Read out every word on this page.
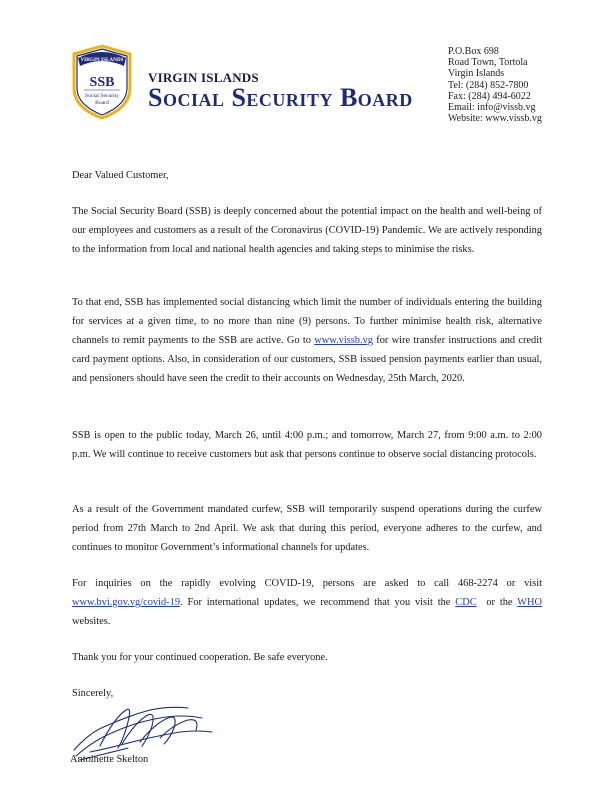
VIRGIN ISLANDS
SSB
Social Security
Board
VIRGIN ISLANDS
Social Security Board
P.O.Box 698
Road Town, Tortola
Virgin Islands
Tel: (284) 852-7800
Fax: (284) 494-6022
Email: info@vissb.vg
Website: www.vissb.vg

Dear Valued Customer,

The Social Security Board (SSB) is deeply concerned about the potential impact on the health and well-being of our employees and customers as a result of the Coronavirus (COVID-19) Pandemic. We are actively responding to the information from local and national health agencies and taking steps to minimise the risks.

To that end, SSB has implemented social distancing which limit the number of individuals entering the building for services at a given time, to no more than nine (9) persons. To further minimise health risk, alternative channels to remit payments to the SSB are active. Go to www.vissb.vg for wire transfer instructions and credit card payment options. Also, in consideration of our customers, SSB issued pension payments earlier than usual, and pensioners should have seen the credit to their accounts on Wednesday, 25th March, 2020.

SSB is open to the public today, March 26, until 4:00 p.m.; and tomorrow, March 27, from 9:00 a.m. to 2:00 p.m. We will continue to receive customers but ask that persons continue to observe social distancing protocols.

As a result of the Government mandated curfew, SSB will temporarily suspend operations during the curfew period from 27th March to 2nd April. We ask that during this period, everyone adheres to the curfew, and continues to monitor Government’s informational channels for updates.

For inquiries on the rapidly evolving COVID-19, persons are asked to call 468-2274 or visit www.bvi.gov.vg/covid-19. For international updates, we recommend that you visit the CDC  or the WHO websites.

Thank you for your continued cooperation. Be safe everyone.

Sincerely,

Antoinette Skelton
